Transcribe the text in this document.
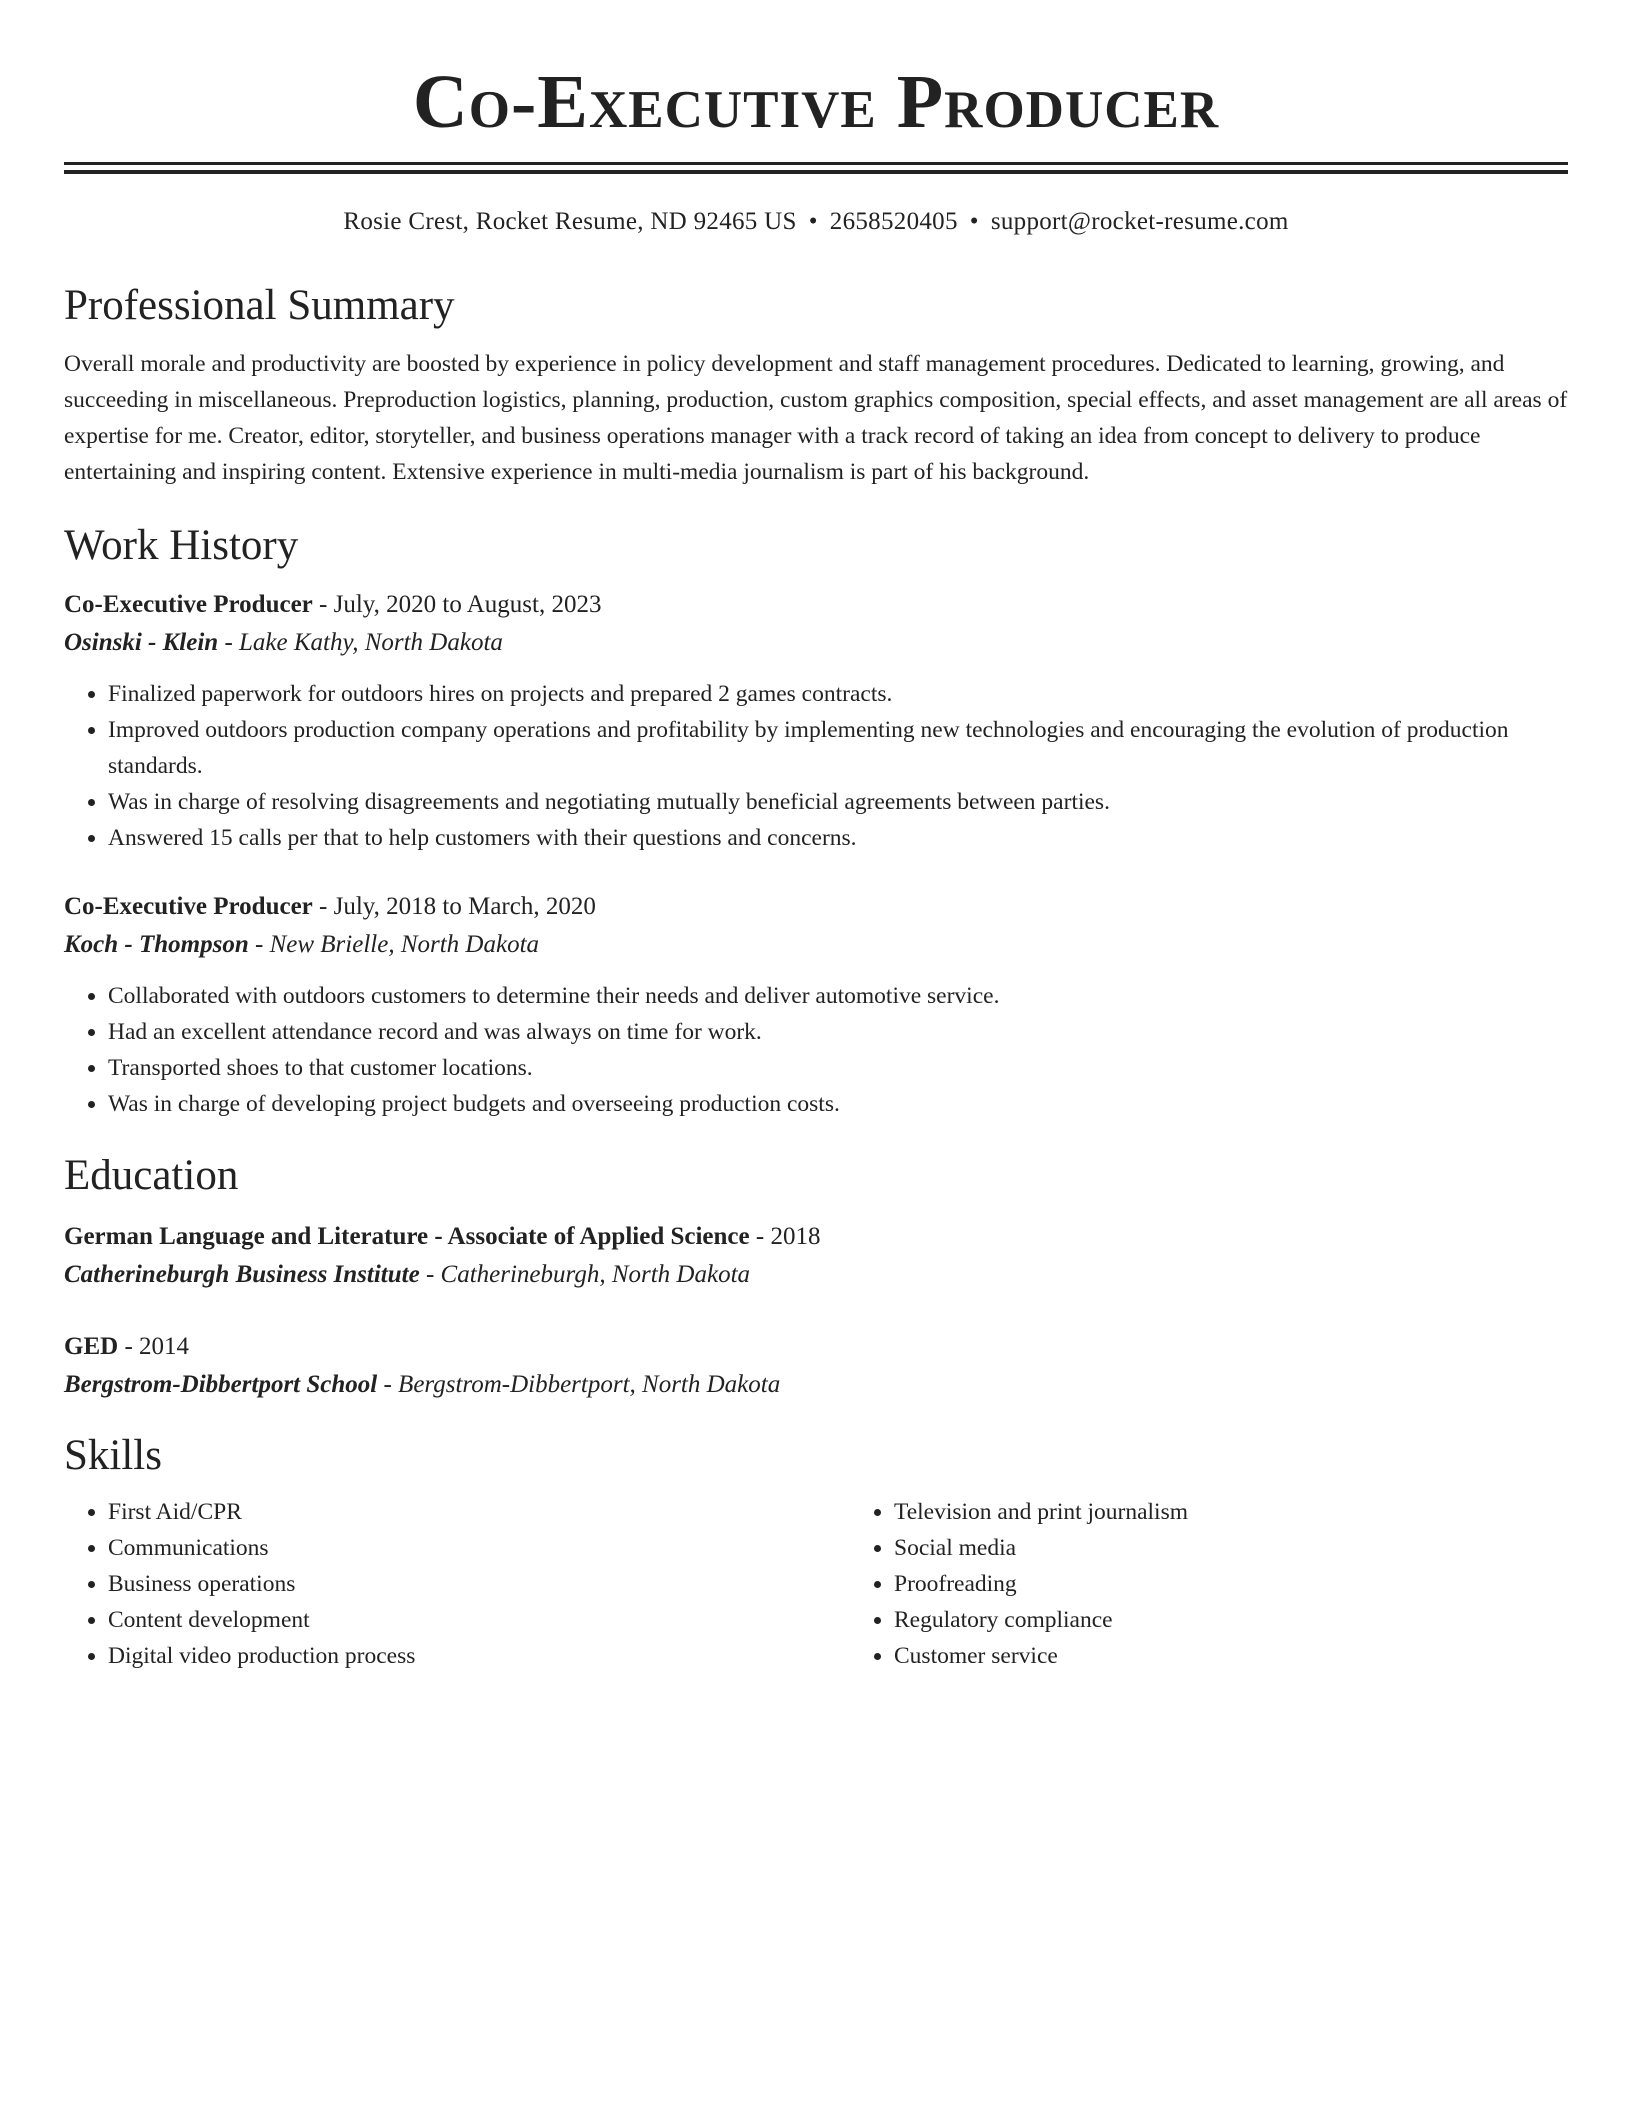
Co-Executive Producer
Rosie Crest, Rocket Resume, ND 92465 US • 2658520405 • support@rocket-resume.com
Professional Summary

Overall morale and productivity are boosted by experience in policy development and staff management procedures. Dedicated to learning, growing, and succeeding in miscellaneous. Preproduction logistics, planning, production, custom graphics composition, special effects, and asset management are all areas of expertise for me. Creator, editor, storyteller, and business operations manager with a track record of taking an idea from concept to delivery to produce entertaining and inspiring content. Extensive experience in multi-media journalism is part of his background.

Work History
Co-Executive Producer - July, 2020 to August, 2023
Osinski - Klein - Lake Kathy, North Dakota
• Finalized paperwork for outdoors hires on projects and prepared 2 games contracts.
• Improved outdoors production company operations and profitability by implementing new technologies and encouraging the evolution of production standards.
• Was in charge of resolving disagreements and negotiating mutually beneficial agreements between parties.
• Answered 15 calls per that to help customers with their questions and concerns.
Co-Executive Producer - July, 2018 to March, 2020
Koch - Thompson - New Brielle, North Dakota
• Collaborated with outdoors customers to determine their needs and deliver automotive service.
• Had an excellent attendance record and was always on time for work.
• Transported shoes to that customer locations.
• Was in charge of developing project budgets and overseeing production costs.
Education
German Language and Literature - Associate of Applied Science - 2018
Catherineburgh Business Institute - Catherineburgh, North Dakota
GED - 2014
Bergstrom-Dibbertport School - Bergstrom-Dibbertport, North Dakota
Skills
• First Aid/CPR
• Communications
• Business operations
• Content development
• Digital video production process
• Television and print journalism
• Social media
• Proofreading
• Regulatory compliance
• Customer service
